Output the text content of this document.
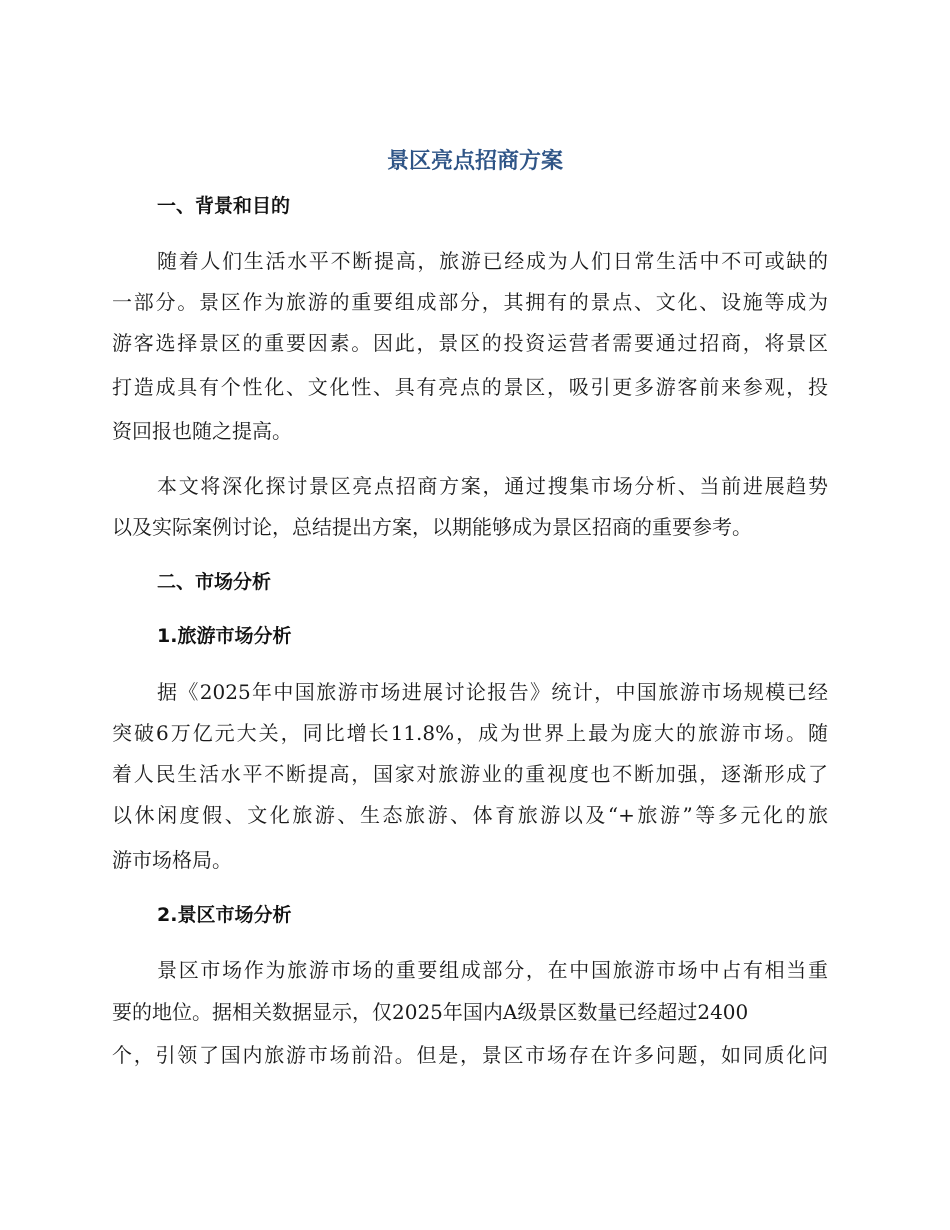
景区亮点招商方案
一、背景和目的

随着人们生活水平不断提高，旅游已经成为人们日常生活中不可或缺的

一部分。景区作为旅游的重要组成部分，其拥有的景点、文化、设施等成为

游客选择景区的重要因素。因此，景区的投资运营者需要通过招商，将景区

打造成具有个性化、文化性、具有亮点的景区，吸引更多游客前来参观，投

资回报也随之提高。

本文将深化探讨景区亮点招商方案，通过搜集市场分析、当前进展趋势

以及实际案例讨论，总结提出方案，以期能够成为景区招商的重要参考。

二、市场分析
1.旅游市场分析

据《2025年中国旅游市场进展讨论报告》统计，中国旅游市场规模已经

突破6万亿元大关，同比增长11.8%，成为世界上最为庞大的旅游市场。随

着人民生活水平不断提高，国家对旅游业的重视度也不断加强，逐渐形成了

以休闲度假、文化旅游、生态旅游、体育旅游以及“+旅游”等多元化的旅

游市场格局。

2.景区市场分析

景区市场作为旅游市场的重要组成部分，在中国旅游市场中占有相当重

要的地位。据相关数据显示，仅2025年国内A级景区数量已经超过2400

个，引领了国内旅游市场前沿。但是，景区市场存在许多问题，如同质化问
